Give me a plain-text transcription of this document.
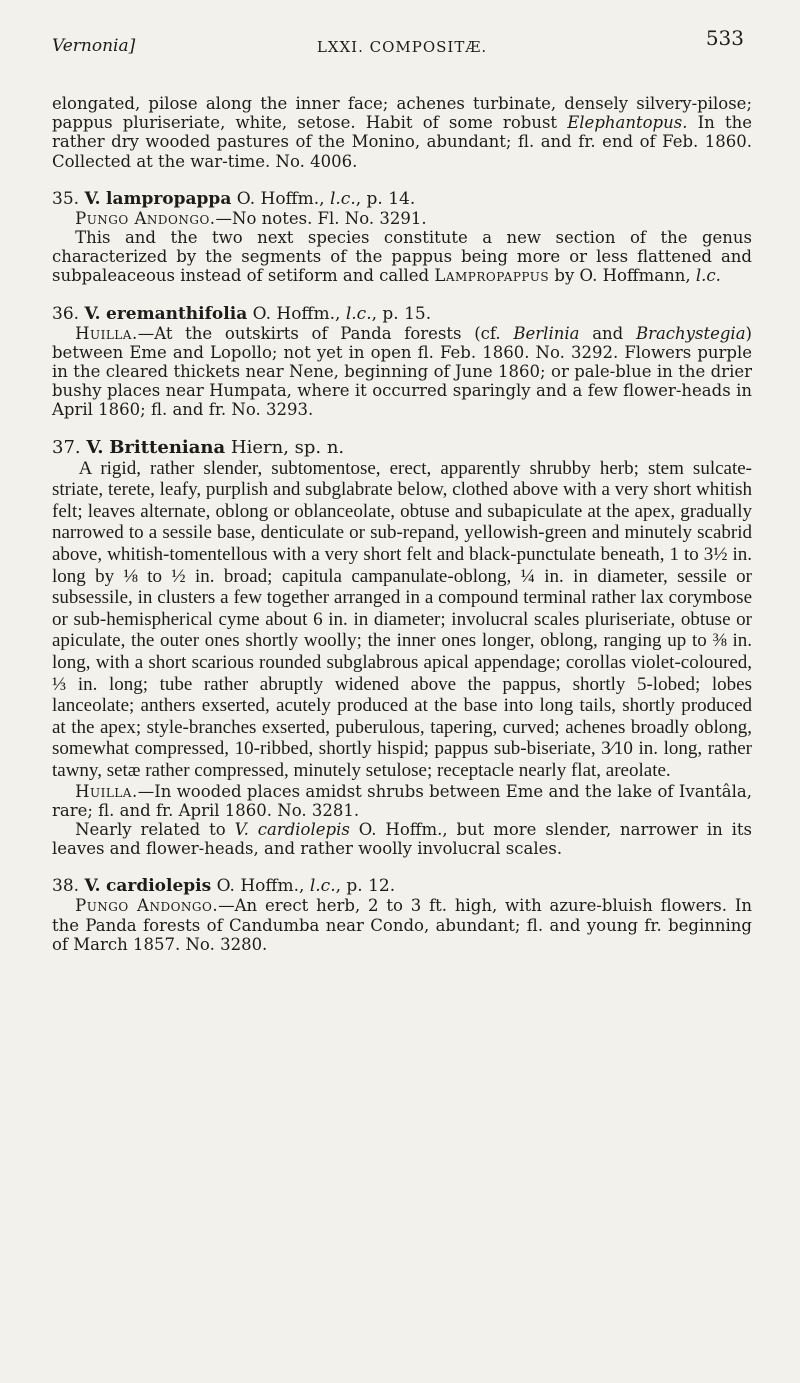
Vernonia]	LXXI. COMPOSITÆ.	533

elongated, pilose along the inner face; achenes turbinate, densely silvery-pilose; pappus pluriseriate, white, setose. Habit of some robust Elephantopus. In the rather dry wooded pastures of the Monino, abundant; fl. and fr. end of Feb. 1860. Collected at the war-time. No. 4006.

35. V. lampropappa O. Hoffm., l.c., p. 14.

Pungo Andongo.—No notes. Fl. No. 3291.

This and the two next species constitute a new section of the genus characterized by the segments of the pappus being more or less flattened and subpaleaceous instead of setiform and called Lampropappus by O. Hoffmann, l.c.

36. V. eremanthifolia O. Hoffm., l.c., p. 15.

Huilla.—At the outskirts of Panda forests (cf. Berlinia and Brachystegia) between Eme and Lopollo; not yet in open fl. Feb. 1860. No. 3292. Flowers purple in the cleared thickets near Nene, beginning of June 1860; or pale-blue in the drier bushy places near Humpata, where it occurred sparingly and a few flower-heads in April 1860; fl. and fr. No. 3293.

37. V. Britteniana Hiern, sp. n.

A rigid, rather slender, subtomentose, erect, apparently shrubby herb; stem sulcate-striate, terete, leafy, purplish and subglabrate below, clothed above with a very short whitish felt; leaves alternate, oblong or oblanceolate, obtuse and subapiculate at the apex, gradually narrowed to a sessile base, denticulate or sub-repand, yellowish-green and minutely scabrid above, whitish-tomentellous with a very short felt and black-punctulate beneath, 1 to 3½ in. long by ⅛ to ½ in. broad; capitula campanulate-oblong, ¼ in. in diameter, sessile or subsessile, in clusters a few together arranged in a compound terminal rather lax corymbose or sub-hemispherical cyme about 6 in. in diameter; involucral scales pluriseriate, obtuse or apiculate, the outer ones shortly woolly; the inner ones longer, oblong, ranging up to ⅜ in. long, with a short scarious rounded subglabrous apical appendage; corollas violet-coloured, ⅓ in. long; tube rather abruptly widened above the pappus, shortly 5-lobed; lobes lanceolate; anthers exserted, acutely produced at the base into long tails, shortly produced at the apex; style-branches exserted, puberulous, tapering, curved; achenes broadly oblong, somewhat compressed, 10-ribbed, shortly hispid; pappus sub-biseriate, 3⁄10 in. long, rather tawny, setæ rather compressed, minutely setulose; receptacle nearly flat, areolate.

Huilla.—In wooded places amidst shrubs between Eme and the lake of Ivantâla, rare; fl. and fr. April 1860. No. 3281.

Nearly related to V. cardiolepis O. Hoffm., but more slender, narrower in its leaves and flower-heads, and rather woolly involucral scales.

38. V. cardiolepis O. Hoffm., l.c., p. 12.

Pungo Andongo.—An erect herb, 2 to 3 ft. high, with azure-bluish flowers. In the Panda forests of Candumba near Condo, abundant; fl. and young fr. beginning of March 1857. No. 3280.
